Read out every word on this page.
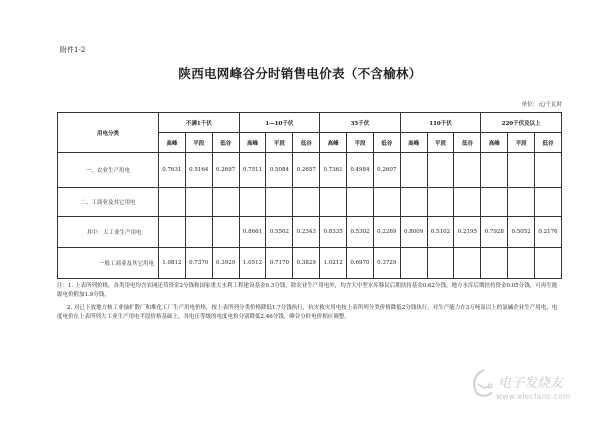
附件1-2
陕西电网峰谷分时销售电价表（不含榆林）
单位：元/千瓦时
用电分类	不满1千伏			1—10千伏			35千伏			110千伏			220千伏及以上		
	高峰	平段	低谷	高峰	平段	低谷	高峰	平段	低谷	高峰	平段	低谷	高峰	平段	低谷
一、农业生产用电	0.7631	0.5164	0.2697	0.7511	0.5084	0.2657	0.7361	0.4984	0.2607						
二、工商业及其它用电															
其中：大工业生产用电				0.8661	0.5502	0.2343	0.8335	0.5302	0.2269	0.8009	0.5102	0.2195	0.7928	0.5052	0.2176
一般工商业及其它用电	1.0812	0.7370	0.3929	1.0512	0.7170	0.3829	1.0212	0.6970	0.3729						

注：1. 上表所列价格，各类用电均含农网还贷资金2分钱和国家重大水利工程建设基金0.3分钱，除农业生产用电外，均含大中型水库移民后期扶持基金0.62分钱，地方水库后期扶持资金0.05分钱，可再生能源电价附加1.9分钱。

2. 对已下放地方核工业铀扩散厂和堆化工厂生产用电价格，按上表所列分类价格降低1.7分钱执行，抗灾救灾用电按上表所列分类价格降低2分钱执行，对生产能力在3万吨及以上的氯碱企业生产用电，电度电价在上表所列大工业生产用电平段价格基础上，各电压等级的电度电价分别降低2.46分钱，峰谷分时电价相应调整。

电子发烧友
www.elecfans.com
